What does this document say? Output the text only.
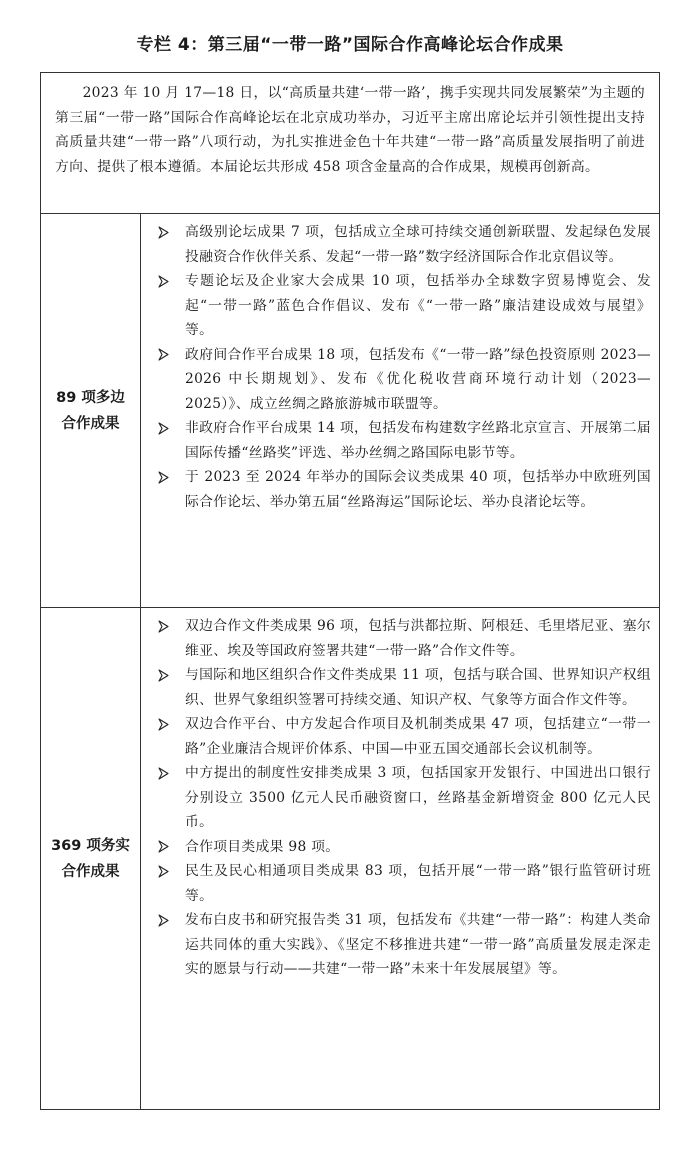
专栏 4：第三届“一带一路”国际合作高峰论坛合作成果
2023 年 10 月 17—18 日，以“高质量共建‘一带一路’，携手实现共同发展繁荣”为主题的第三届“一带一路”国际合作高峰论坛在北京成功举办，习近平主席出席论坛并引领性提出支持高质量共建“一带一路”八项行动，为扎实推进金色十年共建“一带一路”高质量发展指明了前进方向、提供了根本遵循。本届论坛共形成 458 项含金量高的合作成果，规模再创新高。
89 项多边
合作成果
高级别论坛成果 7 项，包括成立全球可持续交通创新联盟、发起绿色发展投融资合作伙伴关系、发起“一带一路”数字经济国际合作北京倡议等。
专题论坛及企业家大会成果 10 项，包括举办全球数字贸易博览会、发起“一带一路”蓝色合作倡议、发布《“一带一路”廉洁建设成效与展望》等。
政府间合作平台成果 18 项，包括发布《“一带一路”绿色投资原则 2023—2026 中长期规划》、发布《优化税收营商环境行动计划（2023—2025）》、成立丝绸之路旅游城市联盟等。
非政府合作平台成果 14 项，包括发布构建数字丝路北京宣言、开展第二届国际传播“丝路奖”评选、举办丝绸之路国际电影节等。
于 2023 至 2024 年举办的国际会议类成果 40 项，包括举办中欧班列国际合作论坛、举办第五届“丝路海运”国际论坛、举办良渚论坛等。
369 项务实
合作成果
双边合作文件类成果 96 项，包括与洪都拉斯、阿根廷、毛里塔尼亚、塞尔维亚、埃及等国政府签署共建“一带一路”合作文件等。
与国际和地区组织合作文件类成果 11 项，包括与联合国、世界知识产权组织、世界气象组织签署可持续交通、知识产权、气象等方面合作文件等。
双边合作平台、中方发起合作项目及机制类成果 47 项，包括建立“一带一路”企业廉洁合规评价体系、中国—中亚五国交通部长会议机制等。
中方提出的制度性安排类成果 3 项，包括国家开发银行、中国进出口银行分别设立 3500 亿元人民币融资窗口，丝路基金新增资金 800 亿元人民币。
合作项目类成果 98 项。
民生及民心相通项目类成果 83 项，包括开展“一带一路”银行监管研讨班等。
发布白皮书和研究报告类 31 项，包括发布《共建“一带一路”：构建人类命运共同体的重大实践》、《坚定不移推进共建“一带一路”高质量发展走深走实的愿景与行动——共建“一带一路”未来十年发展展望》等。
